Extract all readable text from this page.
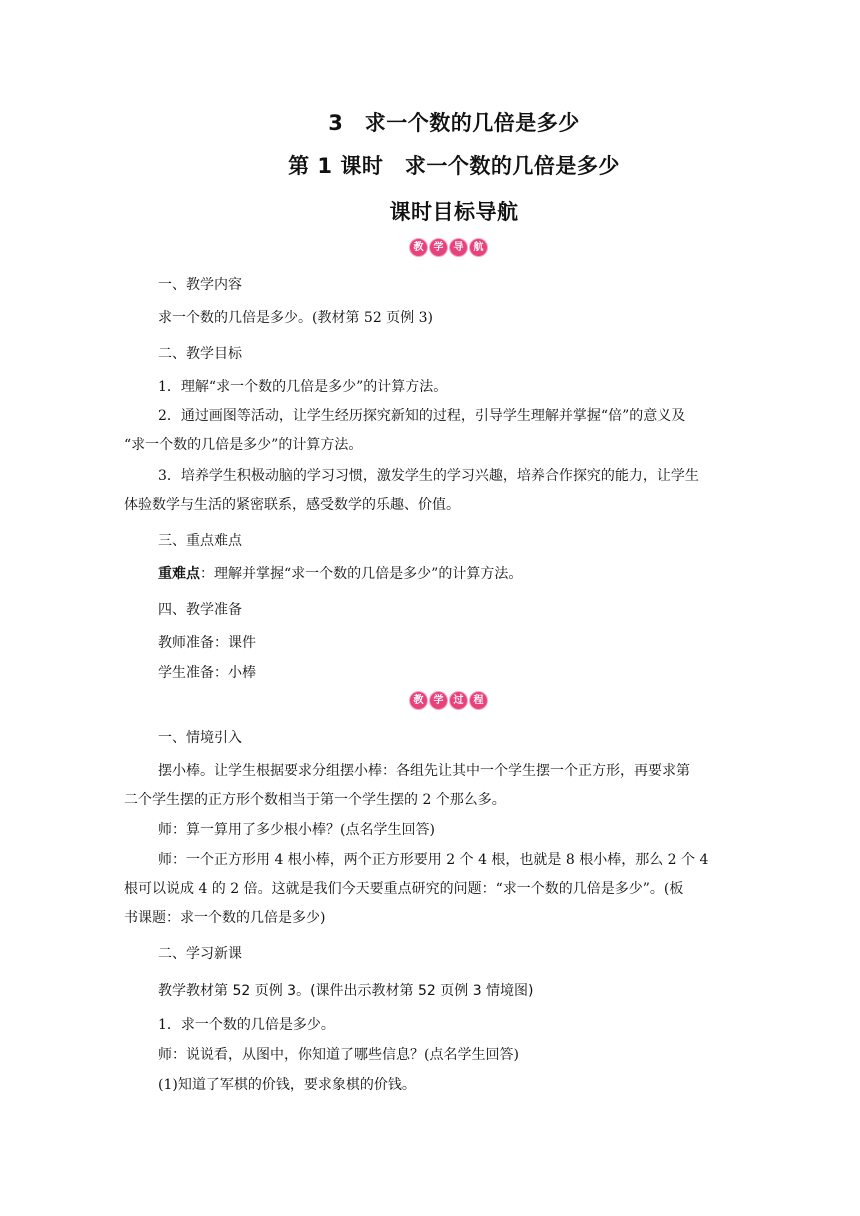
3　求一个数的几倍是多少
第 1 课时　求一个数的几倍是多少
课时目标导航
教	学	导	航
一、教学内容
求一个数的几倍是多少。(教材第 52 页例 3)
二、教学目标
1．理解“求一个数的几倍是多少”的计算方法。
2．通过画图等活动，让学生经历探究新知的过程，引导学生理解并掌握“倍”的意义及
“求一个数的几倍是多少”的计算方法。
3．培养学生积极动脑的学习习惯，激发学生的学习兴趣，培养合作探究的能力，让学生
体验数学与生活的紧密联系，感受数学的乐趣、价值。
三、重点难点
重难点：理解并掌握“求一个数的几倍是多少”的计算方法。
四、教学准备
教师准备：课件
学生准备：小棒
教	学	过	程
一、情境引入
摆小棒。让学生根据要求分组摆小棒：各组先让其中一个学生摆一个正方形，再要求第
二个学生摆的正方形个数相当于第一个学生摆的 2 个那么多。
师：算一算用了多少根小棒？(点名学生回答)
师：一个正方形用 4 根小棒，两个正方形要用 2 个 4 根，也就是 8 根小棒，那么 2 个 4
根可以说成 4 的 2 倍。这就是我们今天要重点研究的问题：“求一个数的几倍是多少”。(板
书课题：求一个数的几倍是多少)
二、学习新课
教学教材第 52 页例 3。(课件出示教材第 52 页例 3 情境图)
1．求一个数的几倍是多少。
师：说说看，从图中，你知道了哪些信息？(点名学生回答)
(1)知道了军棋的价钱，要求象棋的价钱。
